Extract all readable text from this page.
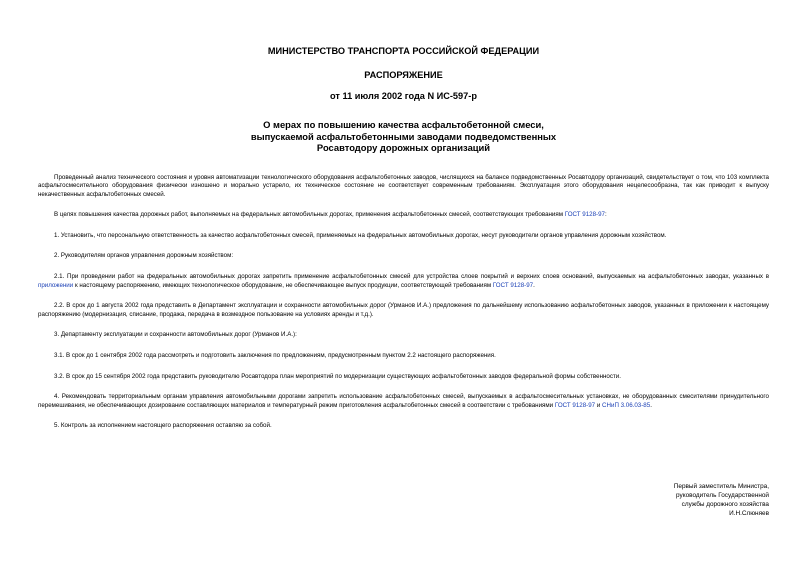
МИНИСТЕРСТВО ТРАНСПОРТА РОССИЙСКОЙ ФЕДЕРАЦИИ
РАСПОРЯЖЕНИЕ
от 11 июля 2002 года N ИС-597-р
О мерах по повышению качества асфальтобетонной смеси,
выпускаемой асфальтобетонными заводами подведомственных
Росавтодору дорожных организаций

Проведенный анализ технического состояния и уровня автоматизации технологического оборудования асфальтобетонных заводов, числящихся на балансе подведомственных Росавтодору организаций, свидетельствует о том, что 103 комплекта асфальтосмесительного оборудования физически изношено и морально устарело, их техническое состояние не соответствует современным требованиям. Эксплуатация этого оборудования нецелесообразна, так как приводит к выпуску некачественных асфальтобетонных смесей.

В целях повышения качества дорожных работ, выполняемых на федеральных автомобильных дорогах, применения асфальтобетонных смесей, соответствующих требованиям ГОСТ 9128-97:

1. Установить, что персональную ответственность за качество асфальтобетонных смесей, применяемых на федеральных автомобильных дорогах, несут руководители органов управления дорожным хозяйством.

2. Руководителям органов управления дорожным хозяйством:

2.1. При проведении работ на федеральных автомобильных дорогах запретить применение асфальтобетонных смесей для устройства слоев покрытий и верхних слоев оснований, выпускаемых на асфальтобетонных заводах, указанных в приложении к настоящему распоряжению, имеющих технологическое оборудование, не обеспечивающее выпуск продукции, соответствующей требованиям ГОСТ 9128-97.

2.2. В срок до 1 августа 2002 года представить в Департамент эксплуатации и сохранности автомобильных дорог (Урманов И.А.) предложения по дальнейшему использованию асфальтобетонных заводов, указанных в приложении к настоящему распоряжению (модернизация, списание, продажа, передача в возмездное пользование на условиях аренды и т.д.).

3. Департаменту эксплуатации и сохранности автомобильных дорог (Урманов И.А.):

3.1. В срок до 1 сентября 2002 года рассмотреть и подготовить заключения по предложениям, предусмотренным пунктом 2.2 настоящего распоряжения.

3.2. В срок до 15 сентября 2002 года представить руководителю Росавтодора план мероприятий по модернизации существующих асфальтобетонных заводов федеральной формы собственности.

4. Рекомендовать территориальным органам управления автомобильными дорогами запретить использование асфальтобетонных смесей, выпускаемых в асфальтосмесительных установках, не оборудованных смесителями принудительного перемешивания, не обеспечивающих дозирование составляющих материалов и температурный режим приготовления асфальтобетонных смесей в соответствии с требованиями ГОСТ 9128-97 и СНиП 3.06.03-85.

5. Контроль за исполнением настоящего распоряжения оставляю за собой.

Первый заместитель Министра,
руководитель Государственной
службы дорожного хозяйства
И.Н.Слюняев
